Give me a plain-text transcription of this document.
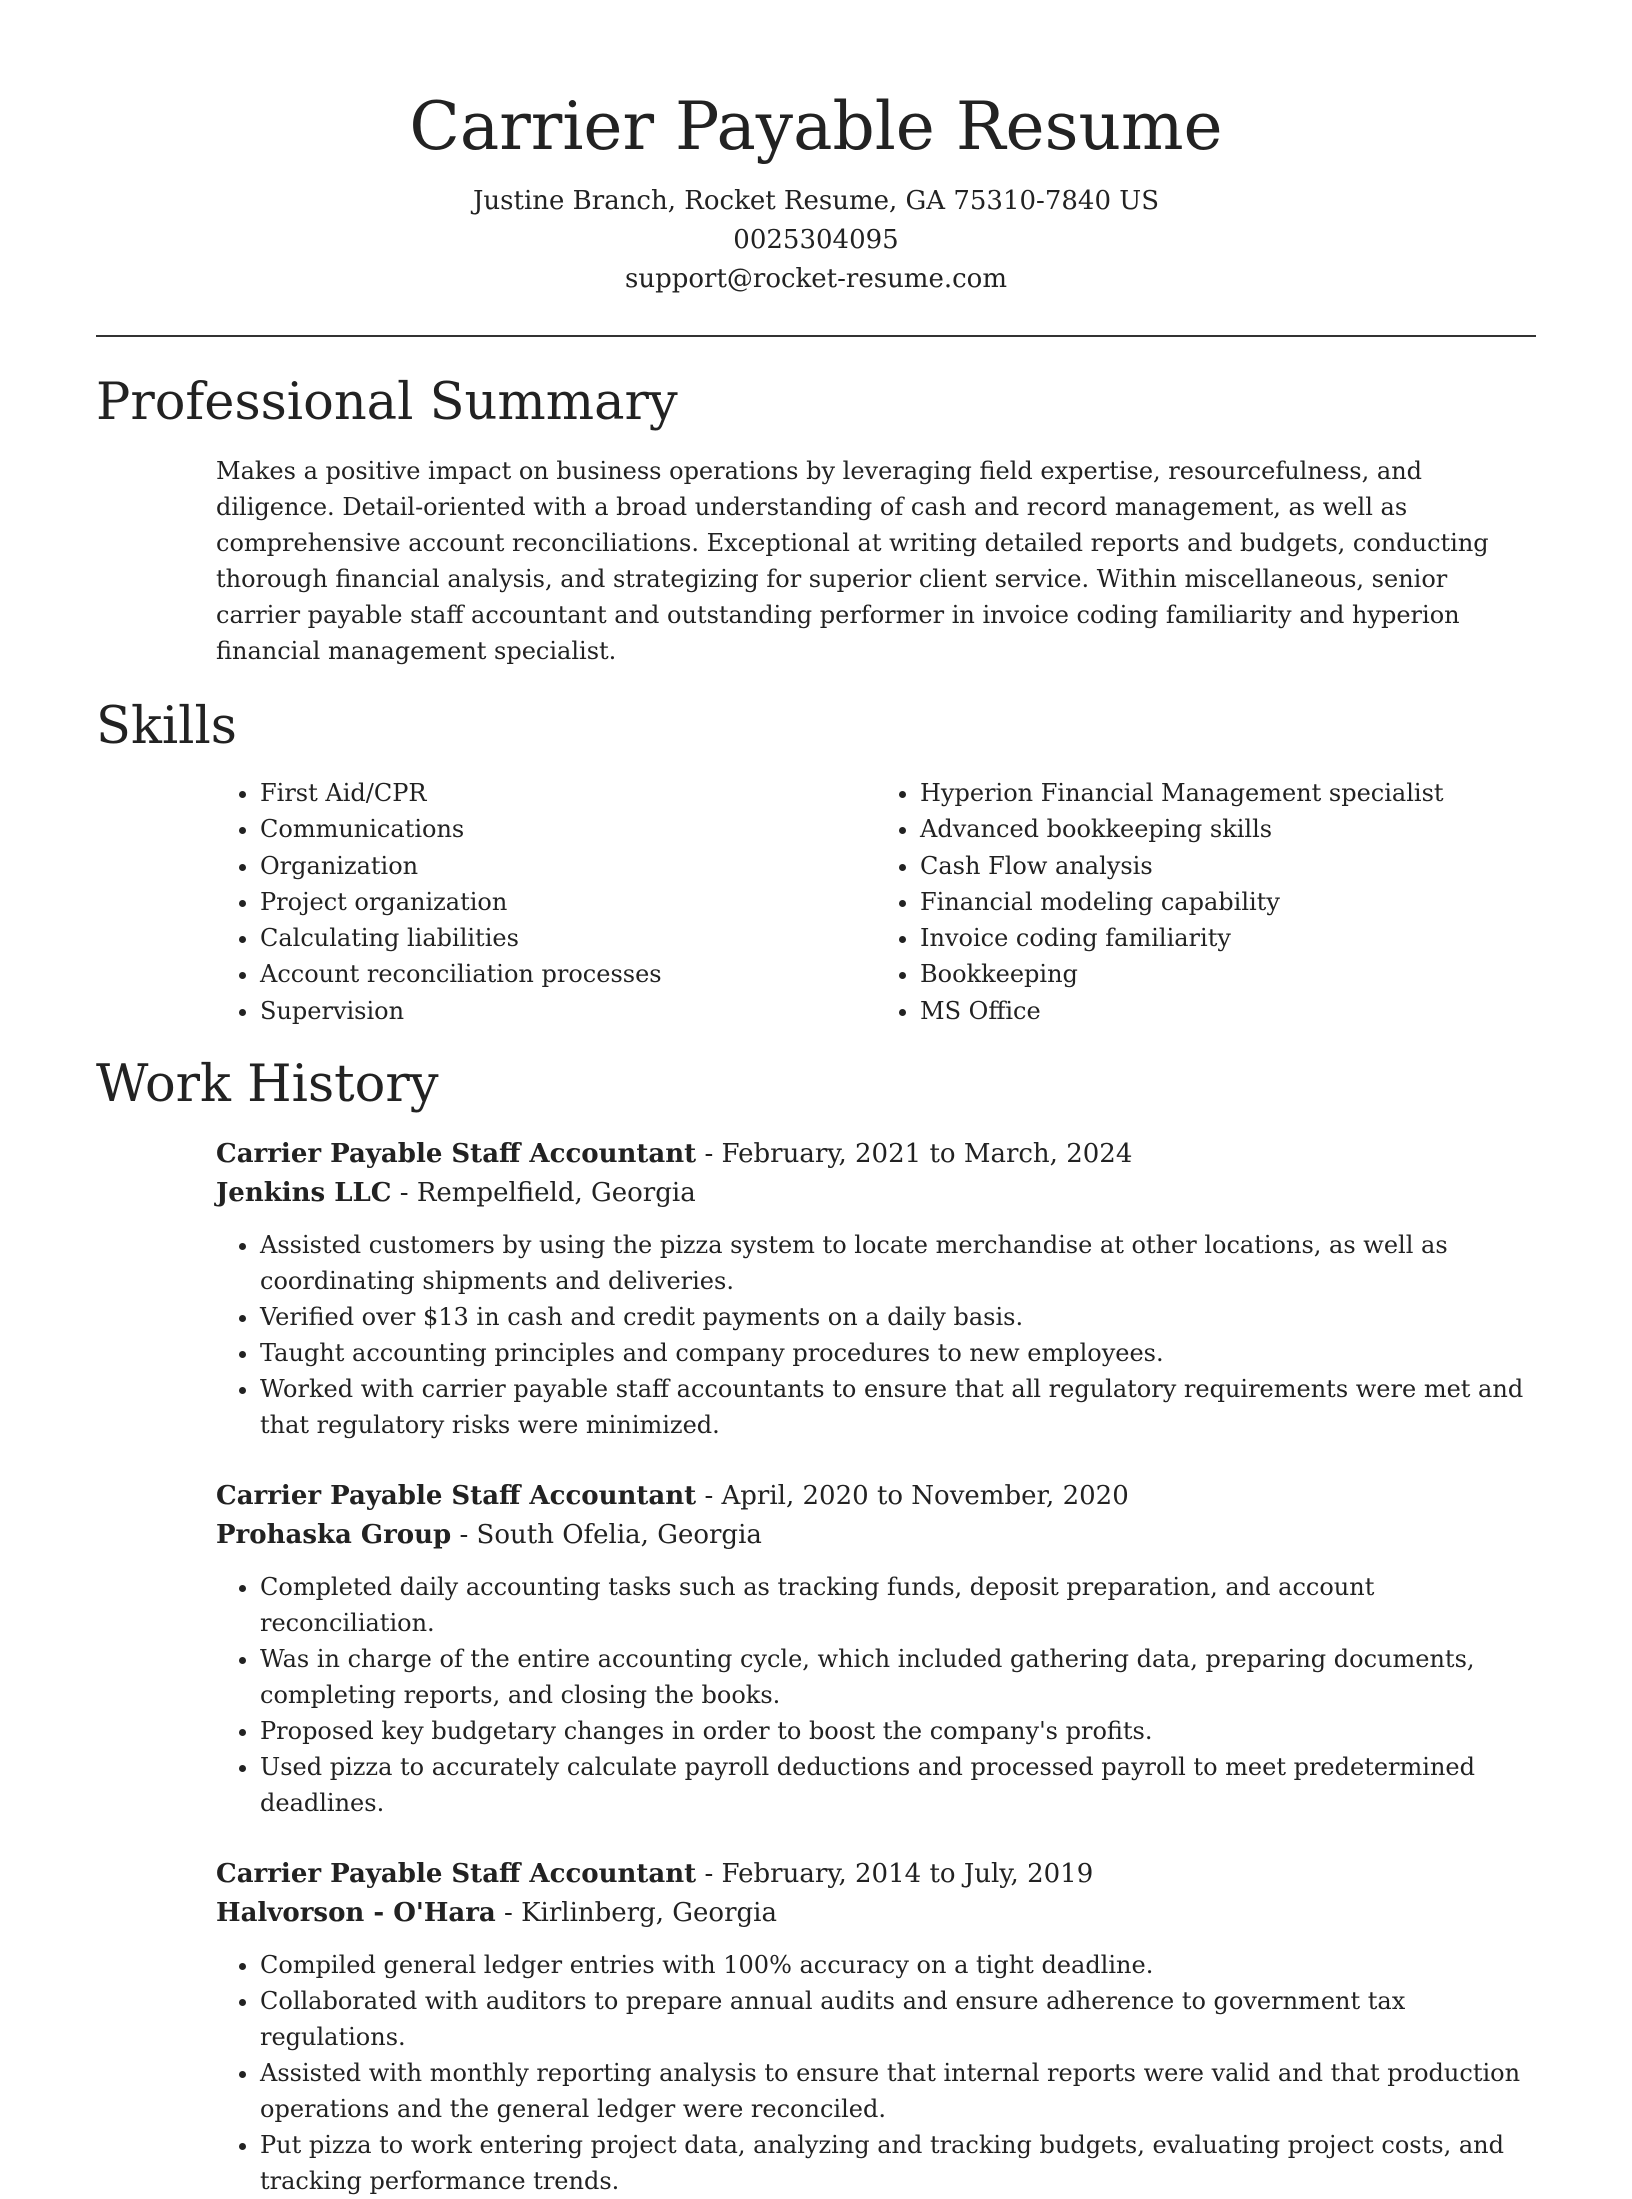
Carrier Payable Resume

Justine Branch, Rocket Resume, GA 75310-7840 US

0025304095

support@rocket-resume.com

Professional Summary

Makes a positive impact on business operations by leveraging field expertise, resourcefulness, and diligence. Detail-oriented with a broad understanding of cash and record management, as well as comprehensive account reconciliations. Exceptional at writing detailed reports and budgets, conducting thorough financial analysis, and strategizing for superior client service. Within miscellaneous, senior carrier payable staff accountant and outstanding performer in invoice coding familiarity and hyperion financial management specialist.

Skills
• First Aid/CPR
• Communications
• Organization
• Project organization
• Calculating liabilities
• Account reconciliation processes
• Supervision
• Hyperion Financial Management specialist
• Advanced bookkeeping skills
• Cash Flow analysis
• Financial modeling capability
• Invoice coding familiarity
• Bookkeeping
• MS Office
Work History
Carrier Payable Staff Accountant - February, 2021 to March, 2024
Jenkins LLC - Rempelfield, Georgia
• Assisted customers by using the pizza system to locate merchandise at other locations, as well as coordinating shipments and deliveries.
• Verified over $13 in cash and credit payments on a daily basis.
• Taught accounting principles and company procedures to new employees.
• Worked with carrier payable staff accountants to ensure that all regulatory requirements were met and that regulatory risks were minimized.
Carrier Payable Staff Accountant - April, 2020 to November, 2020
Prohaska Group - South Ofelia, Georgia
• Completed daily accounting tasks such as tracking funds, deposit preparation, and account reconciliation.
• Was in charge of the entire accounting cycle, which included gathering data, preparing documents, completing reports, and closing the books.
• Proposed key budgetary changes in order to boost the company's profits.
• Used pizza to accurately calculate payroll deductions and processed payroll to meet predetermined deadlines.
Carrier Payable Staff Accountant - February, 2014 to July, 2019
Halvorson - O'Hara - Kirlinberg, Georgia
• Compiled general ledger entries with 100% accuracy on a tight deadline.
• Collaborated with auditors to prepare annual audits and ensure adherence to government tax regulations.
• Assisted with monthly reporting analysis to ensure that internal reports were valid and that production operations and the general ledger were reconciled.
• Put pizza to work entering project data, analyzing and tracking budgets, evaluating project costs, and tracking performance trends.
